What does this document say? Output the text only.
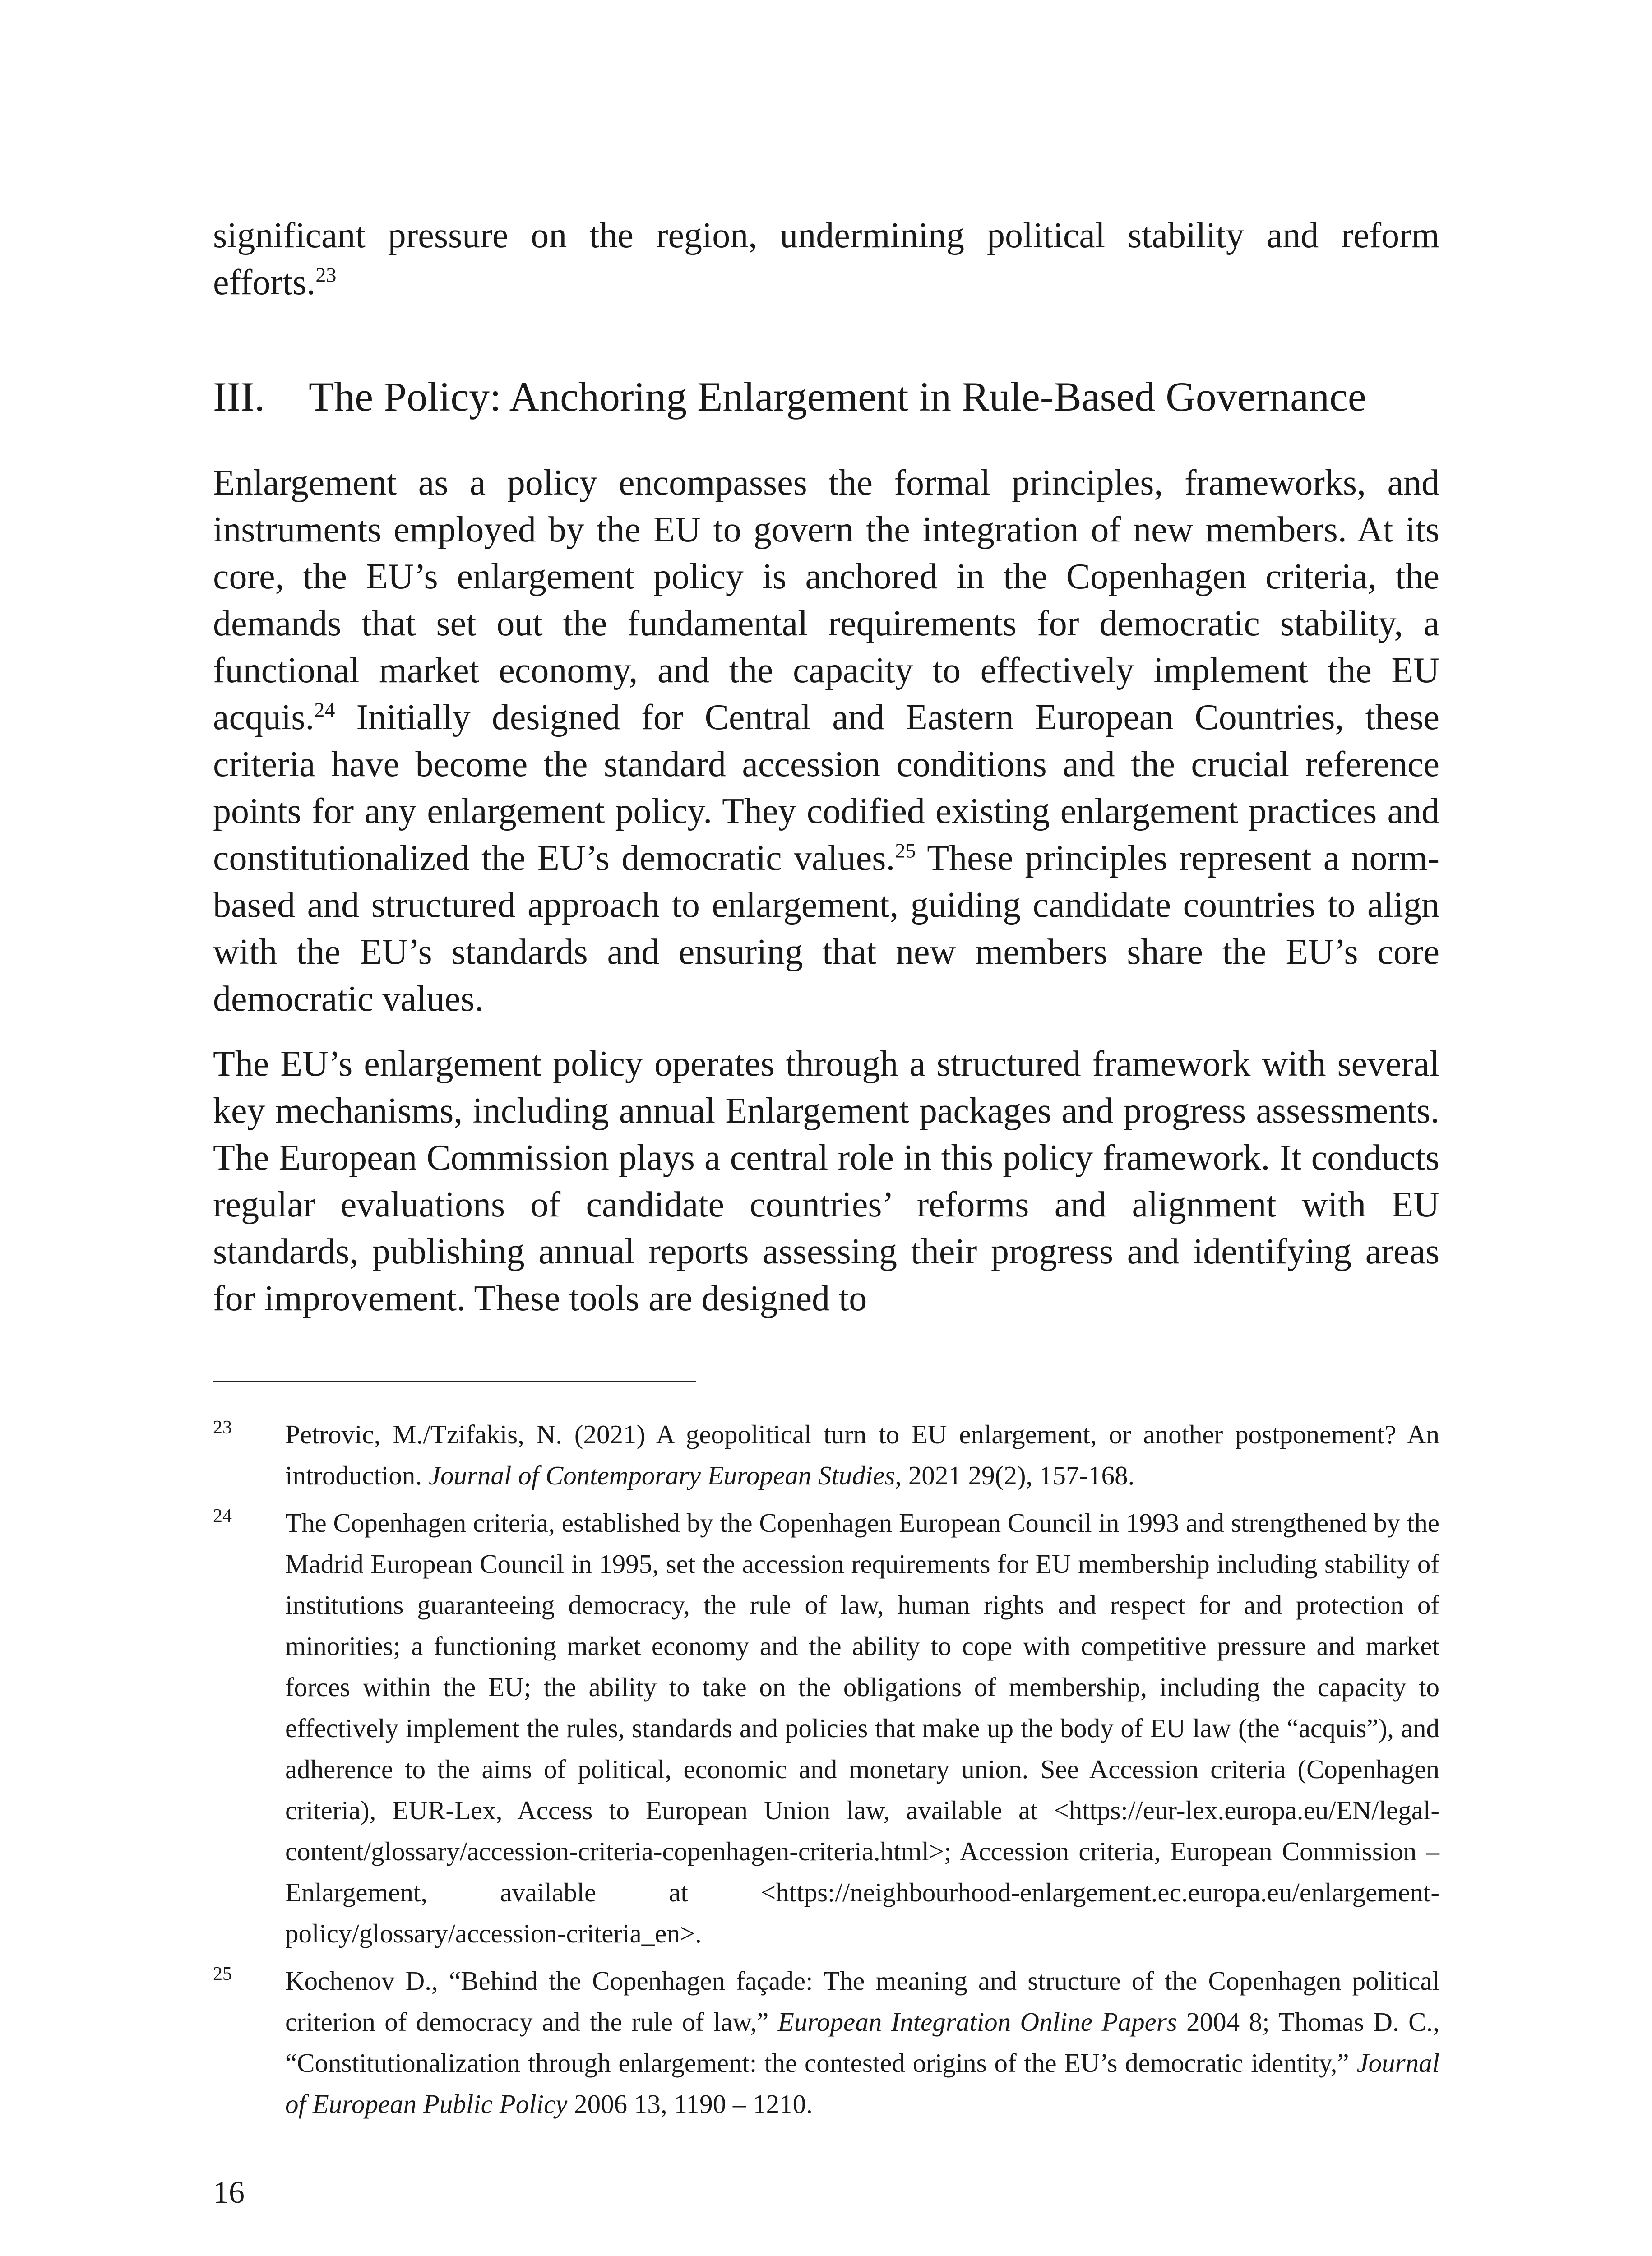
significant pressure on the region, undermining political stability and reform efforts.$^{23}$

III.	The Policy: Anchoring Enlargement in Rule-Based Governance

Enlargement as a policy encompasses the formal principles, frameworks, and instruments employed by the EU to govern the integration of new members. At its core, the EU’s enlargement policy is anchored in the Copenhagen criteria, the demands that set out the fundamental requirements for democratic stability, a functional market economy, and the capacity to effectively implement the EU acquis.$^{24}$ Initially designed for Central and Eastern European Countries, these criteria have become the standard accession conditions and the crucial reference points for any enlargement policy. They codified existing enlargement practices and constitutionalized the EU’s democratic values.$^{25}$ These principles represent a norm-based and structured approach to enlargement, guiding candidate countries to align with the EU’s standards and ensuring that new members share the EU’s core democratic values.

The EU’s enlargement policy operates through a structured framework with several key mechanisms, including annual Enlargement packages and progress assessments. The European Commission plays a central role in this policy framework. It conducts regular evaluations of candidate countries’ reforms and alignment with EU standards, publishing annual reports assessing their progress and identifying areas for improvement. These tools are designed to

23	Petrovic, M./Tzifakis, N. (2021) A geopolitical turn to EU enlargement, or another postponement? An introduction. Journal of Contemporary European Studies, 2021 29(2), 157-168.
24	The Copenhagen criteria, established by the Copenhagen European Council in 1993 and strengthened by the Madrid European Council in 1995, set the accession requirements for EU membership including stability of institutions guaranteeing democracy, the rule of law, human rights and respect for and protection of minorities; a functioning market economy and the ability to cope with competitive pressure and market forces within the EU; the ability to take on the obligations of membership, including the capacity to effectively implement the rules, standards and policies that make up the body of EU law (the “acquis”), and adherence to the aims of political, economic and monetary union. See Accession criteria (Copenhagen criteria), EUR-Lex, Access to European Union law, available at <https://eur-lex.europa.eu/EN/legal-content/glossary/accession-criteria-copenhagen-criteria.html>; Accession criteria, European Commission – Enlargement, available at <https://neighbourhood-enlargement.ec.europa.eu/enlargement-policy/glossary/accession-criteria_en>.
25	Kochenov D., “Behind the Copenhagen façade: The meaning and structure of the Copenhagen political criterion of democracy and the rule of law,” European Integration Online Papers 2004 8; Thomas D. C., “Constitutionalization through enlargement: the contested origins of the EU’s democratic identity,” Journal of European Public Policy 2006 13, 1190 – 1210.
16
